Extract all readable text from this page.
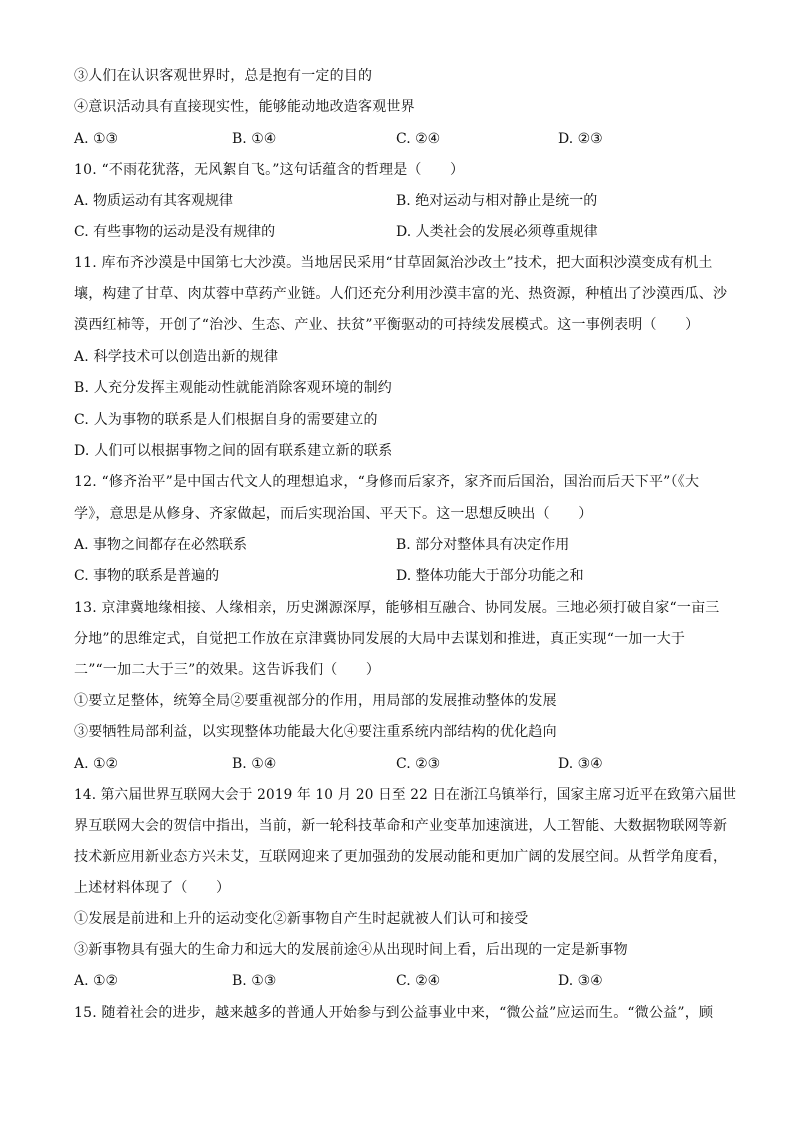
③人们在认识客观世界时，总是抱有一定的目的
④意识活动具有直接现实性，能够能动地改造客观世界
A. ①③	B. ①④	C. ②④	D. ②③
10. “不雨花犹落，无风絮自飞。”这句话蕴含的哲理是（　　）
A. 物质运动有其客观规律	B. 绝对运动与相对静止是统一的
C. 有些事物的运动是没有规律的	D. 人类社会的发展必须尊重规律
11. 库布齐沙漠是中国第七大沙漠。当地居民采用“甘草固氮治沙改土”技术，把大面积沙漠变成有机土
壤，构建了甘草、肉苁蓉中草药产业链。人们还充分利用沙漠丰富的光、热资源，种植出了沙漠西瓜、沙
漠西红柿等，开创了“治沙、生态、产业、扶贫”平衡驱动的可持续发展模式。这一事例表明（　　）
A. 科学技术可以创造出新的规律
B. 人充分发挥主观能动性就能消除客观环境的制约
C. 人为事物的联系是人们根据自身的需要建立的
D. 人们可以根据事物之间的固有联系建立新的联系
12. “修齐治平”是中国古代文人的理想追求，“身修而后家齐，家齐而后国治，国治而后天下平”（《大
学》，意思是从修身、齐家做起，而后实现治国、平天下。这一思想反映出（　　）
A. 事物之间都存在必然联系	B. 部分对整体具有决定作用
C. 事物的联系是普遍的	D. 整体功能大于部分功能之和
13. 京津冀地缘相接、人缘相亲，历史渊源深厚，能够相互融合、协同发展。三地必须打破自家“一亩三
分地”的思维定式，自觉把工作放在京津冀协同发展的大局中去谋划和推进，真正实现“一加一大于
二”“一加二大于三”的效果。这告诉我们（　　）
①要立足整体，统筹全局②要重视部分的作用，用局部的发展推动整体的发展
③要牺牲局部利益，以实现整体功能最大化④要注重系统内部结构的优化趋向
A. ①②	B. ①④	C. ②③	D. ③④
14. 第六届世界互联网大会于 2019 年 10 月 20 日至 22 日在浙江乌镇举行，国家主席习近平在致第六届世
界互联网大会的贺信中指出，当前，新一轮科技革命和产业变革加速演进，人工智能、大数据物联网等新
技术新应用新业态方兴未艾，互联网迎来了更加强劲的发展动能和更加广阔的发展空间。从哲学角度看，
上述材料体现了（　　）
①发展是前进和上升的运动变化②新事物自产生时起就被人们认可和接受
③新事物具有强大的生命力和远大的发展前途④从出现时间上看，后出现的一定是新事物
A. ①②	B. ①③	C. ②④	D. ③④
15. 随着社会的进步，越来越多的普通人开始参与到公益事业中来，“微公益”应运而生。“微公益”，顾
